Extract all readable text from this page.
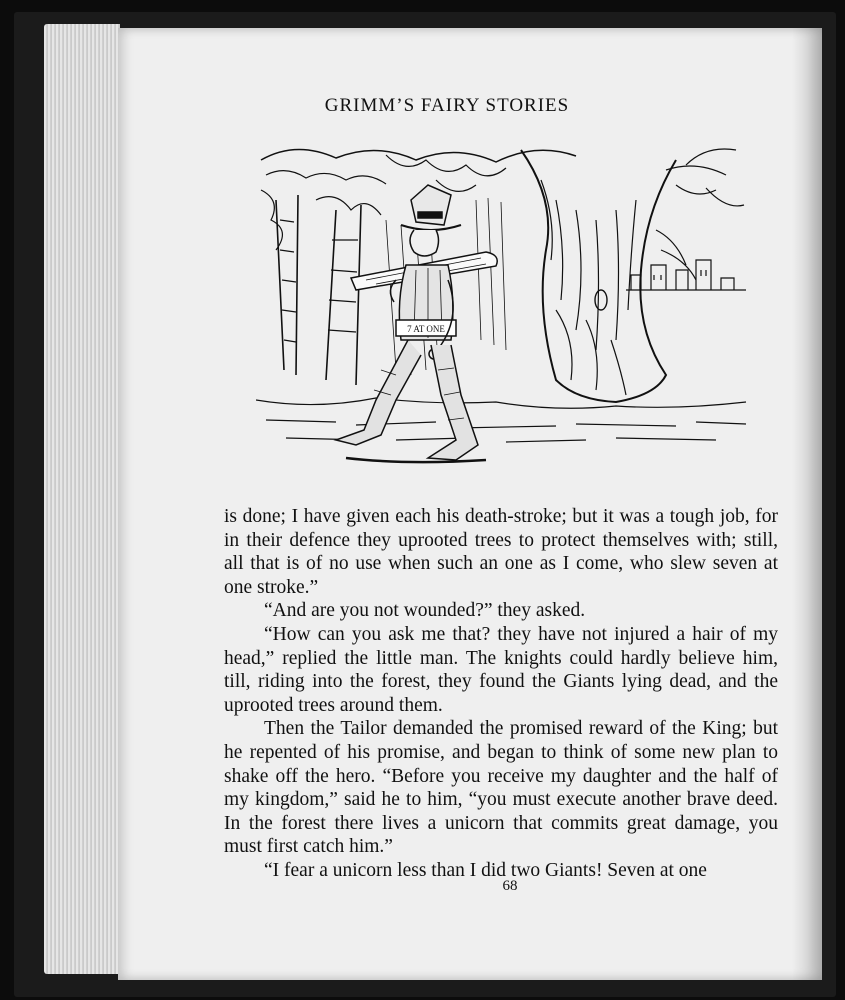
GRIMM’S FAIRY STORIES
7 AT ONE

is done; I have given each his death-stroke; but it was a tough job, for in their defence they uprooted trees to protect themselves with; still, all that is of no use when such an one as I come, who slew seven at one stroke.”

“And are you not wounded?” they asked.

“How can you ask me that? they have not injured a hair of my head,” replied the little man. The knights could hardly believe him, till, riding into the forest, they found the Giants lying dead, and the uprooted trees around them.

Then the Tailor demanded the promised reward of the King; but he repented of his promise, and began to think of some new plan to shake off the hero. “Before you receive my daughter and the half of my kingdom,” said he to him, “you must execute another brave deed. In the forest there lives a unicorn that commits great damage, you must first catch him.”

“I fear a unicorn less than I did two Giants! Seven at one

68
